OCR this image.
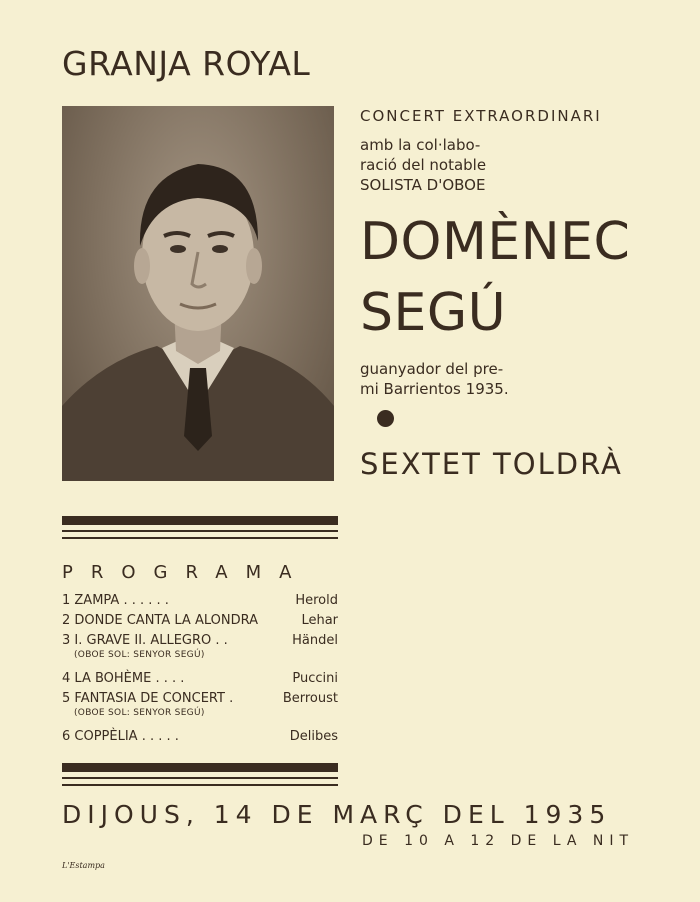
GRANJA ROYAL
CONCERT EXTRAORDINARI
amb la col·labo-
ració del notable
SOLISTA D'OBOE
DOMÈNEC
SEGÚ
guanyador del pre-
mi Barrientos 1935.
SEXTET TOLDRÀ
PROGRAMA
1 ZAMPA . . . . . .	Herold
2 DONDE CANTA LA ALONDRA	Lehar
3 I. GRAVE II. ALLEGRO . .	Händel
(OBOE SOL: SENYOR SEGÚ)
4 LA BOHÈME . . . .	Puccini
5 FANTASIA DE CONCERT .	Berroust
(OBOE SOL: SENYOR SEGÚ)
6 COPPÈLIA . . . . .	Delibes
DIJOUS, 14 DE MARÇ DEL 1935
DE 10 A 12 DE LA NIT
L'Estampa
